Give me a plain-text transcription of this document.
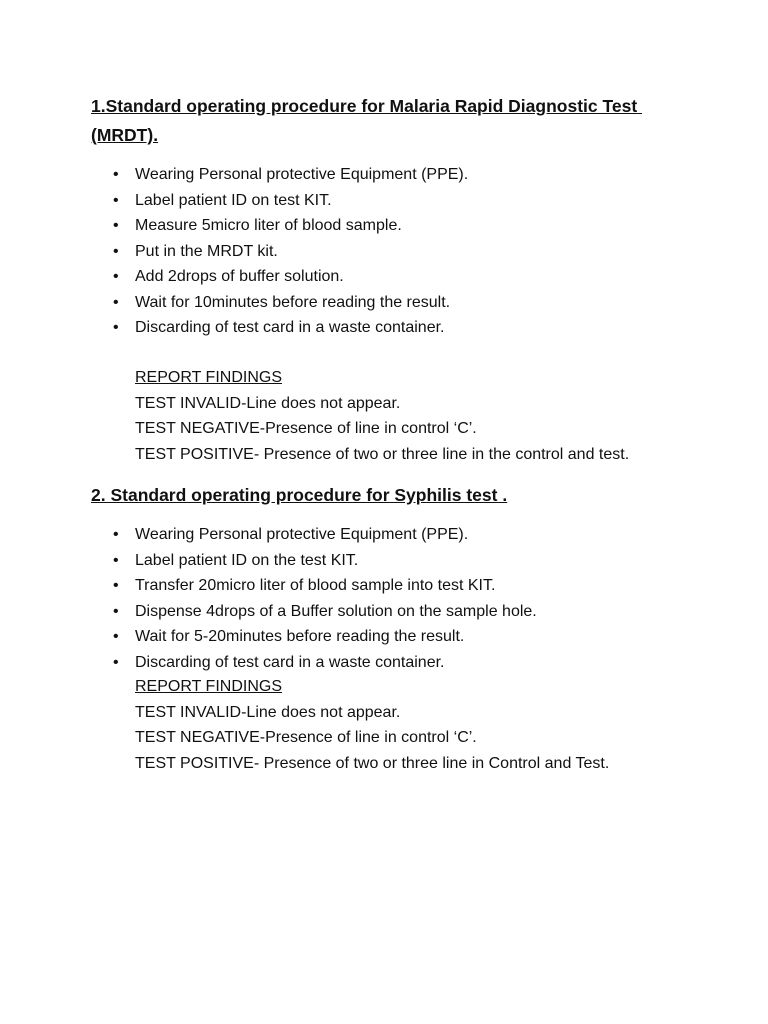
1.Standard operating procedure for Malaria Rapid Diagnostic Test (MRDT).
• Wearing Personal protective Equipment (PPE).
• Label patient ID on test KIT.
• Measure 5micro liter of blood sample.
• Put in the MRDT kit.
• Add 2drops of buffer solution.
• Wait for 10minutes before reading the result.
• Discarding of test card in a waste container.
REPORT FINDINGS
TEST INVALID-Line does not appear.
TEST NEGATIVE-Presence of line in control ‘C’.
TEST POSITIVE- Presence of two or three line in the control and test.
2. Standard operating procedure for Syphilis test .
• Wearing Personal protective Equipment (PPE).
• Label patient ID on the test KIT.
• Transfer 20micro liter of blood sample into test KIT.
• Dispense 4drops of a Buffer solution on the sample hole.
• Wait for 5-20minutes before reading the result.
• Discarding of test card in a waste container.
REPORT FINDINGS
TEST INVALID-Line does not appear.
TEST NEGATIVE-Presence of line in control ‘C’.
TEST POSITIVE- Presence of two or three line in Control and Test.
